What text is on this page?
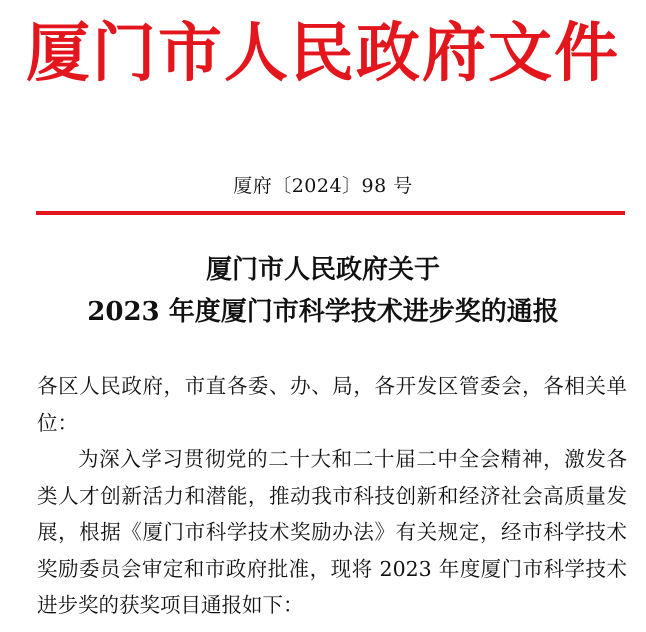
厦门市人民政府文件
厦府〔2024〕98 号
厦门市人民政府关于
2023 年度厦门市科学技术进步奖的通报
各区人民政府，市直各委、办、局，各开发区管委会，各相关单位：
为深入学习贯彻党的二十大和二十届二中全会精神，激发各类人才创新活力和潜能，推动我市科技创新和经济社会高质量发展，根据《厦门市科学技术奖励办法》有关规定，经市科学技术奖励委员会审定和市政府批准，现将 2023 年度厦门市科学技术进步奖的获奖项目通报如下：
